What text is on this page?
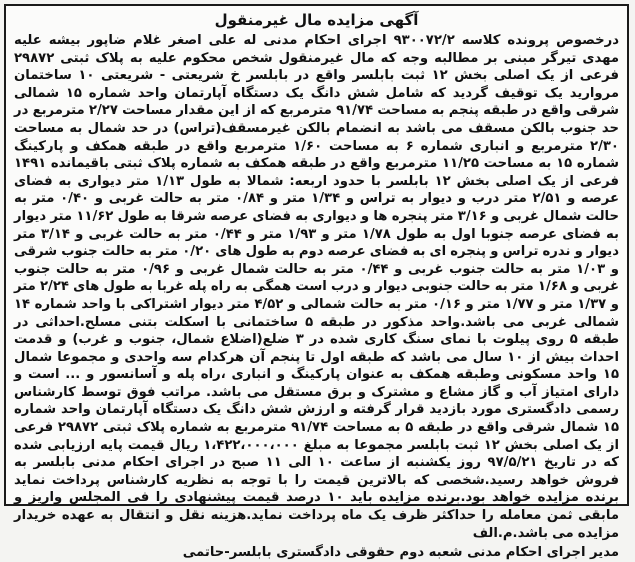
آگهی مزایده مال غیرمنقول

درخصوص پرونده کلاسه ۹۳۰۰۷۲/۲ اجرای احکام مدنی له علی اصغر غلام ضاپور بیشه علیه مهدی تیرگر مبنی بر مطالبه وجه که مال غیرمنقول شخص محکوم علیه به پلاک ثبتی ۲۹۸۷۲ فرعی از یک اصلی بخش ۱۲ ثبت بابلسر واقع در بابلسر خ شریعتی - شریعتی ۱۰ ساختمان مروارید یک توقیف گردید که شامل شش دانگ یک دستگاه آپارتمان واحد شماره ۱۵ شمالی شرقی واقع در طبقه پنجم به مساحت ۹۱/۷۴ مترمربع که از این مقدار مساحت ۲/۲۷ مترمربع در حد جنوب بالکن مسقف می باشد به انضمام بالکن غیرمسقف(تراس) در حد شمال به مساحت ۲/۳۰ مترمربع و انباری شماره ۶ به مساحت ۱/۶۰ مترمربع واقع در طبقه همکف و پارکینگ شماره ۱۵ به مساحت ۱۱/۲۵ مترمربع واقع در طبقه همکف به شماره پلاک ثبتی باقیمانده ۱۴۹۱ فرعی از یک اصلی بخش ۱۲ بابلسر با حدود اربعه: شمالا به طول ۱/۱۳ متر دیواری به فضای عرصه و ۲/۵۱ متر درب و دیوار به تراس و ۱/۳۴ متر و ۰/۸۴ متر به حالت غربی و ۰/۴۰ متر به حالت شمال غربی و ۳/۱۶ متر پنجره ها و دیواری به فضای عرصه شرقا به طول ۱۱/۶۲ متر دیوار به فضای عرصه جنوبا اول به طول ۱/۷۸ متر و ۱/۹۳ متر و ۰/۴۴ متر به حالت غربی و ۳/۱۴ متر دیوار و ندره تراس و پنجره ای به فضای عرصه دوم به طول های ۰/۲۰ متر به حالت جنوب شرقی و ۱/۰۳ متر به حالت جنوب غربی و ۰/۴۴ متر به حالت شمال غربی و ۰/۹۶ متر به حالت جنوب غربی و ۱/۶۸ متر به حالت جنوبی دیوار و درب است همگی به راه پله غربا به طول های ۲/۲۴ متر و ۱/۳۷ متر و ۱/۷۷ متر و ۰/۱۶ متر به حالت شمالی و ۴/۵۲ متر دیوار اشتراکی با واحد شماره ۱۴ شمالی غربی می باشد.واحد مذکور در طبقه ۵ ساختمانی با اسکلت بتنی مسلح.احداثی در طبقه ۵ روی پیلوت با نمای سنگ کاری شده در ۳ ضلع(اضلاع شمال، جنوب و غرب) و قدمت احداث بیش از ۱۰ سال می باشد که طبقه اول تا پنجم آن هرکدام سه واحدی و مجموعا شمال ۱۵ واحد مسکونی وطبقه همکف به عنوان پارکینگ و انباری ،راه پله و آسانسور و ... است و دارای امتیاز آب و گاز مشاع و مشترک و برق مستقل می باشد. مراتب فوق توسط کارشناس رسمی دادگستری مورد بازدید قرار گرفته و ارزش شش دانگ یک دستگاه آپارتمان واحد شماره ۱۵ شمال شرقی واقع در طبقه ۵ به مساحت ۹۱/۷۴ مترمربع به شماره پلاک ثبتی ۲۹۸۷۲ فرعی از یک اصلی بخش ۱۲ ثبت بابلسر مجموعا به مبلغ ۱،۴۲۲،۰۰۰،۰۰۰ ریال قیمت پایه ارزیابی شده که در تاریخ ۹۷/۵/۲۱ روز یکشنبه از ساعت ۱۰ الی ۱۱ صبح در اجرای احکام مدنی بابلسر به فروش خواهد رسید.شخصی که بالاترین قیمت را با توجه به نظریه کارشناس پرداخت نماید برنده مزایده خواهد بود.برنده مزایده باید ۱۰ درصد قیمت پیشنهادی را فی المجلس واریز و مابقی ثمن معامله را حداکثر ظرف یک ماه پرداخت نماید.هزینه نقل و انتقال به عهده خریدار مزایده می باشد.م.الف

مدیر اجرای احکام مدنی شعبه دوم حقوقی دادگستری بابلسر-حاتمی
